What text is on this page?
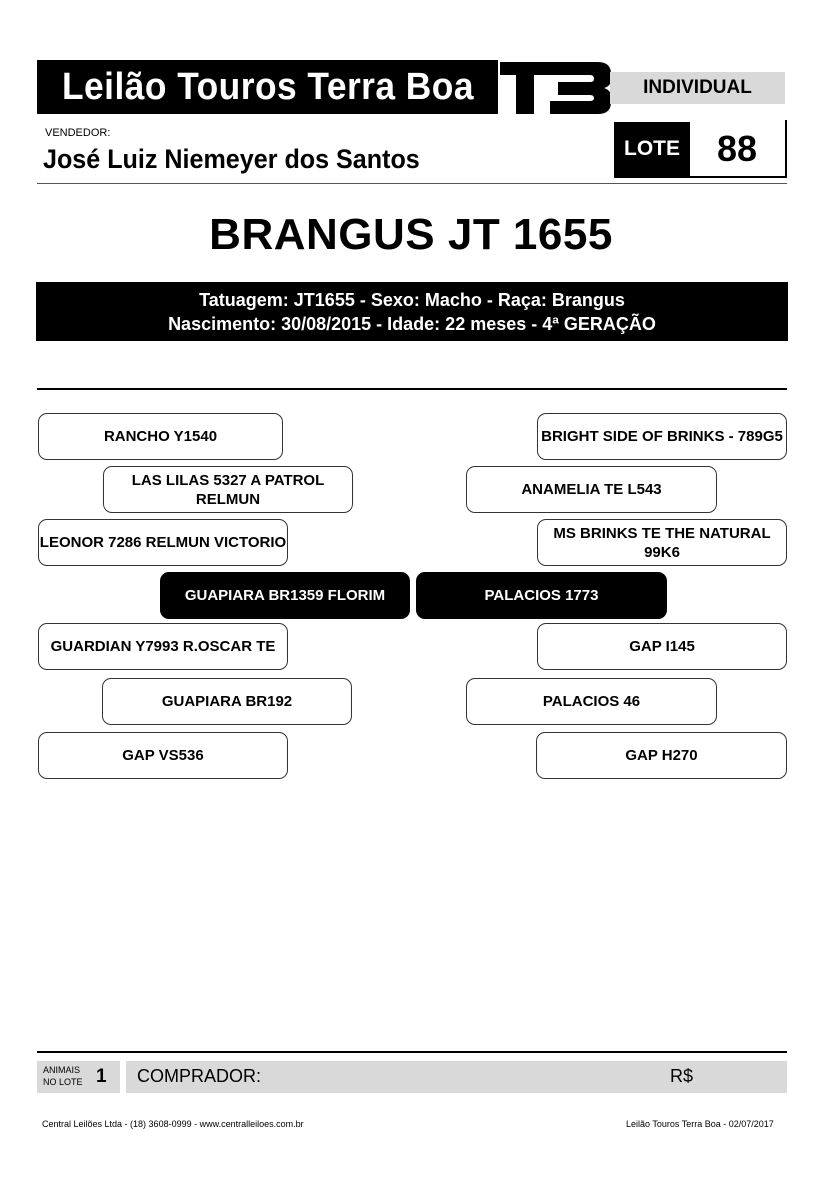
Leilão Touros Terra Boa	INDIVIDUAL
VENDEDOR:
José Luiz Niemeyer dos Santos	LOTE	88
BRANGUS JT 1655
Tatuagem: JT1655 - Sexo: Macho - Raça: Brangus
Nascimento: 30/08/2015 - Idade: 22 meses - 4ª GERAÇÃO
RANCHO Y1540
LAS LILAS 5327 A PATROL RELMUN
LEONOR 7286 RELMUN VICTORIO
GUAPIARA BR1359 FLORIM
GUARDIAN Y7993 R.OSCAR TE
GUAPIARA BR192
GAP VS536
BRIGHT SIDE OF BRINKS - 789G5
ANAMELIA TE L543
MS BRINKS TE THE NATURAL 99K6
PALACIOS 1773
GAP I145
PALACIOS 46
GAP H270
ANIMAIS
NO LOTE 1 COMPRADOR:	R$
Central Leilões Ltda - (18) 3608-0999 - www.centralleiloes.com.br	Leilão Touros Terra Boa - 02/07/2017
